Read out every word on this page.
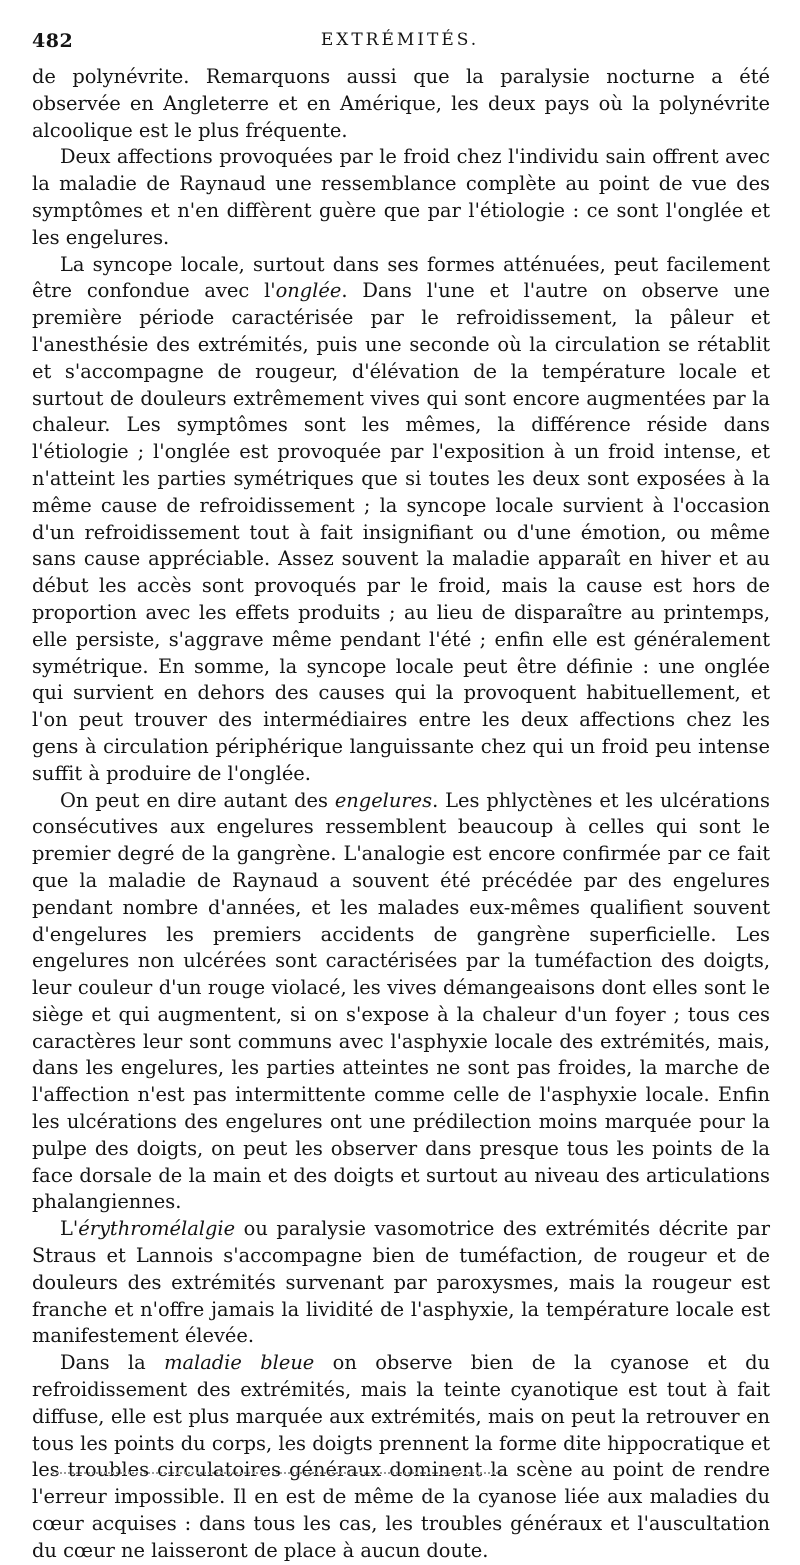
482	EXTRÉMITÉS.

de polynévrite. Remarquons aussi que la paralysie nocturne a été observée en Angleterre et en Amérique, les deux pays où la polynévrite alcoolique est le plus fréquente.

Deux affections provoquées par le froid chez l'individu sain offrent avec la maladie de Raynaud une ressemblance complète au point de vue des symptômes et n'en diffèrent guère que par l'étiologie : ce sont l'onglée et les engelures.

La syncope locale, surtout dans ses formes atténuées, peut facilement être confondue avec l'onglée. Dans l'une et l'autre on observe une première période caractérisée par le refroidissement, la pâleur et l'anesthésie des extrémités, puis une seconde où la circulation se rétablit et s'accompagne de rougeur, d'élévation de la température locale et surtout de douleurs extrêmement vives qui sont encore augmentées par la chaleur. Les symptômes sont les mêmes, la différence réside dans l'étiologie ; l'onglée est provoquée par l'exposition à un froid intense, et n'atteint les parties symétriques que si toutes les deux sont exposées à la même cause de refroidissement ; la syncope locale survient à l'occasion d'un refroidissement tout à fait insignifiant ou d'une émotion, ou même sans cause appréciable. Assez souvent la maladie apparaît en hiver et au début les accès sont provoqués par le froid, mais la cause est hors de proportion avec les effets produits ; au lieu de disparaître au printemps, elle persiste, s'aggrave même pendant l'été ; enfin elle est généralement symétrique. En somme, la syncope locale peut être définie : une onglée qui survient en dehors des causes qui la provoquent habituellement, et l'on peut trouver des intermédiaires entre les deux affections chez les gens à circulation périphérique languissante chez qui un froid peu intense suffit à produire de l'onglée.

On peut en dire autant des engelures. Les phlyctènes et les ulcérations consécutives aux engelures ressemblent beaucoup à celles qui sont le premier degré de la gangrène. L'analogie est encore confirmée par ce fait que la maladie de Raynaud a souvent été précédée par des engelures pendant nombre d'années, et les malades eux-mêmes qualifient souvent d'engelures les premiers accidents de gangrène superficielle. Les engelures non ulcérées sont caractérisées par la tuméfaction des doigts, leur couleur d'un rouge violacé, les vives démangeaisons dont elles sont le siège et qui augmentent, si on s'expose à la chaleur d'un foyer ; tous ces caractères leur sont communs avec l'asphyxie locale des extrémités, mais, dans les engelures, les parties atteintes ne sont pas froides, la marche de l'affection n'est pas intermittente comme celle de l'asphyxie locale. Enfin les ulcérations des engelures ont une prédilection moins marquée pour la pulpe des doigts, on peut les observer dans presque tous les points de la face dorsale de la main et des doigts et surtout au niveau des articulations phalangiennes.

L'érythromélalgie ou paralysie vasomotrice des extrémités décrite par Straus et Lannois s'accompagne bien de tuméfaction, de rougeur et de douleurs des extrémités survenant par paroxysmes, mais la rougeur est franche et n'offre jamais la lividité de l'asphyxie, la température locale est manifestement élevée.

Dans la maladie bleue on observe bien de la cyanose et du refroidissement des extrémités, mais la teinte cyanotique est tout à fait diffuse, elle est plus marquée aux extrémités, mais on peut la retrouver en tous les points du corps, les doigts prennent la forme dite hippocratique et les troubles circulatoires généraux dominent la scène au point de rendre l'erreur impossible. Il en est de même de la cyanose liée aux maladies du cœur acquises : dans tous les cas, les troubles généraux et l'auscultation du cœur ne laisseront de place à aucun doute.
